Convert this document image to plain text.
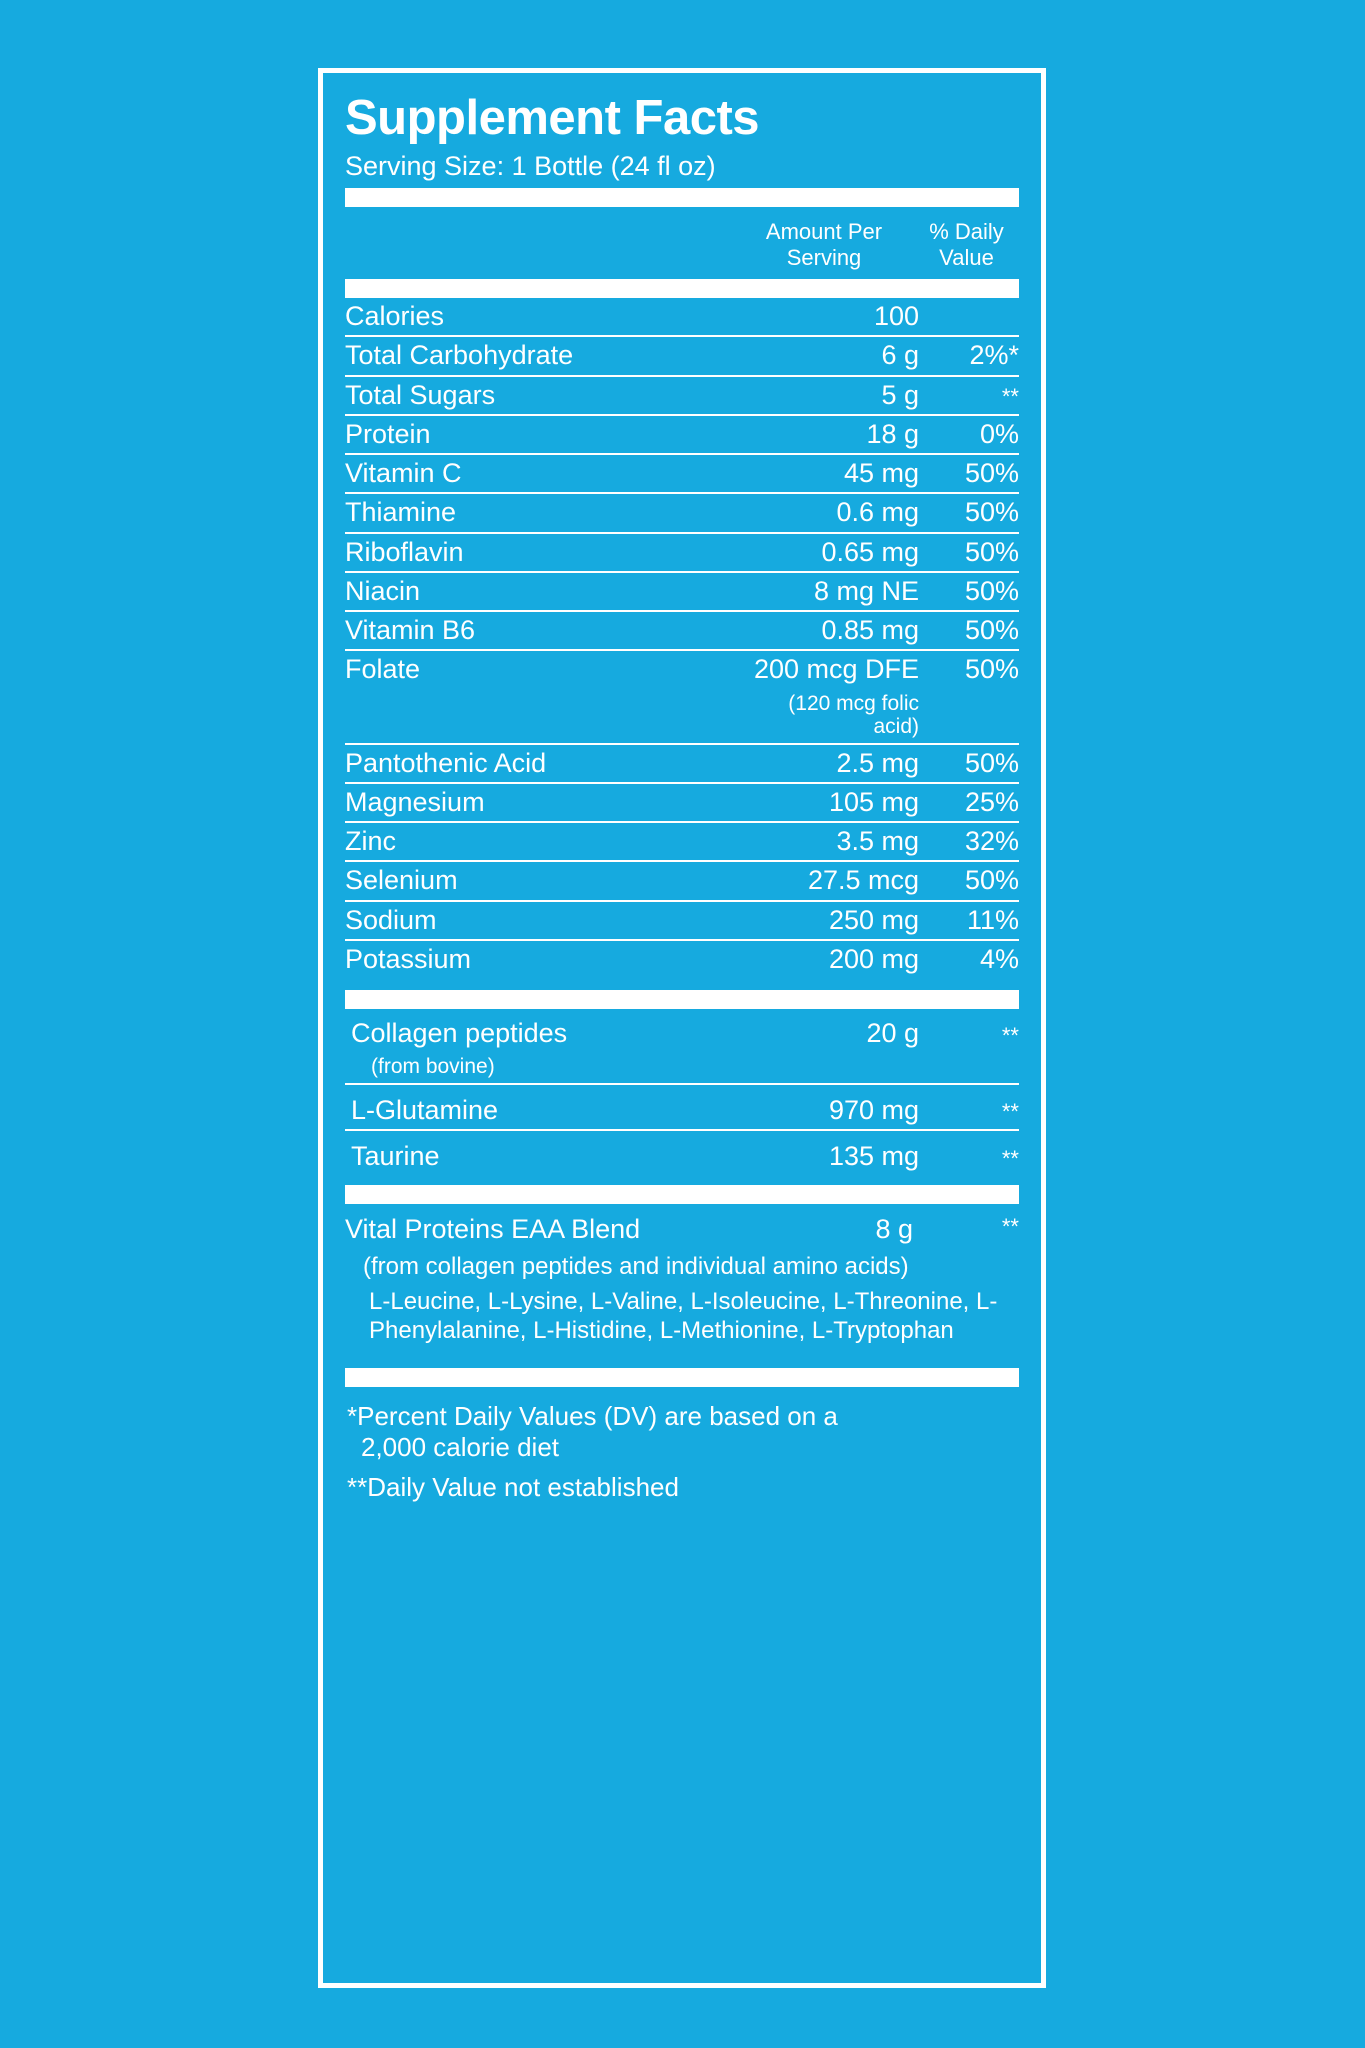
Supplement Facts
Serving Size: 1 Bottle (24 fl oz)
Amount Per
Serving
% Daily
Value
Calories	100	
Total Carbohydrate	6 g	2%*
Total Sugars	5 g	**
Protein	18 g	0%
Vitamin C	45 mg	50%
Thiamine	0.6 mg	50%
Riboflavin	0.65 mg	50%
Niacin	8 mg NE	50%
Vitamin B6	0.85 mg	50%
Folate	200 mcg DFE	50%
	(120 mcg folic acid)	
Pantothenic Acid	2.5 mg	50%
Magnesium	105 mg	25%
Zinc	3.5 mg	32%
Selenium	27.5 mcg	50%
Sodium	250 mg	11%
Potassium	200 mg	4%
Collagen peptides	20 g	**
(from bovine)		
L-Glutamine	970 mg	**
Taurine	135 mg	**
Vital Proteins EAA Blend	8 g	**
(from collagen peptides and individual amino acids)
L-Leucine, L-Lysine, L-Valine, L-Isoleucine, L-Threonine, L-Phenylalanine, L-Histidine, L-Methionine, L-Tryptophan

*Percent Daily Values (DV) are based on a
2,000 calorie diet

**Daily Value not established
